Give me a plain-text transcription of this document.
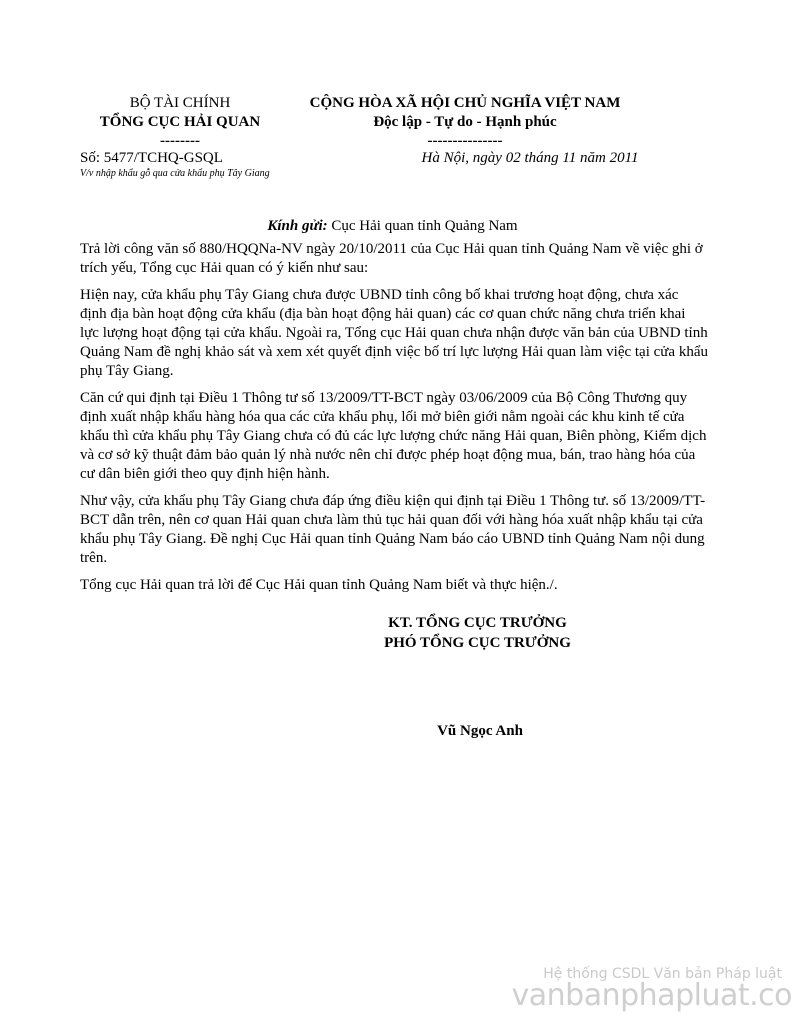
BỘ TÀI CHÍNH
TỔNG CỤC HẢI QUAN
--------
CỘNG HÒA XÃ HỘI CHỦ NGHĨA VIỆT NAM
Độc lập - Tự do - Hạnh phúc
---------------
Số: 5477/TCHQ-GSQL
V/v nhập khẩu gỗ qua cửa khẩu phụ Tây Giang
Hà Nội, ngày 02 tháng 11 năm 2011
Kính gửi: Cục Hải quan tỉnh Quảng Nam

Trả lời công văn số 880/HQQNa-NV ngày 20/10/2011 của Cục Hải quan tỉnh Quảng Nam về việc ghi ở trích yếu, Tổng cục Hải quan có ý kiến như sau:

Hiện nay, cửa khẩu phụ Tây Giang chưa được UBND tỉnh công bố khai trương hoạt động, chưa xác định địa bàn hoạt động cửa khẩu (địa bàn hoạt động hải quan) các cơ quan chức năng chưa triển khai lực lượng hoạt động tại cửa khẩu. Ngoài ra, Tổng cục Hải quan chưa nhận được văn bản của UBND tỉnh Quảng Nam đề nghị khảo sát và xem xét quyết định việc bố trí lực lượng Hải quan làm việc tại cửa khẩu phụ Tây Giang.

Căn cứ qui định tại Điều 1 Thông tư số 13/2009/TT-BCT ngày 03/06/2009 của Bộ Công Thương quy định xuất nhập khẩu hàng hóa qua các cửa khẩu phụ, lối mở biên giới nằm ngoài các khu kinh tế cửa khẩu thì cửa khẩu phụ Tây Giang chưa có đủ các lực lượng chức năng Hải quan, Biên phòng, Kiểm dịch và cơ sở kỹ thuật đảm bảo quản lý nhà nước nên chỉ được phép hoạt động mua, bán, trao hàng hóa của cư dân biên giới theo quy định hiện hành.

Như vậy, cửa khẩu phụ Tây Giang chưa đáp ứng điều kiện qui định tại Điều 1 Thông tư. số 13/2009/TT-BCT dẫn trên, nên cơ quan Hải quan chưa làm thủ tục hải quan đối với hàng hóa xuất nhập khẩu tại cửa khẩu phụ Tây Giang. Đề nghị Cục Hải quan tỉnh Quảng Nam báo cáo UBND tỉnh Quảng Nam nội dung trên.

Tổng cục Hải quan trả lời để Cục Hải quan tỉnh Quảng Nam biết và thực hiện./.

KT. TỔNG CỤC TRƯỞNG
PHÓ TỔNG CỤC TRƯỞNG
Vũ Ngọc Anh
Hệ thống CSDL Văn bản Pháp luật
vanbanphapluat.co
